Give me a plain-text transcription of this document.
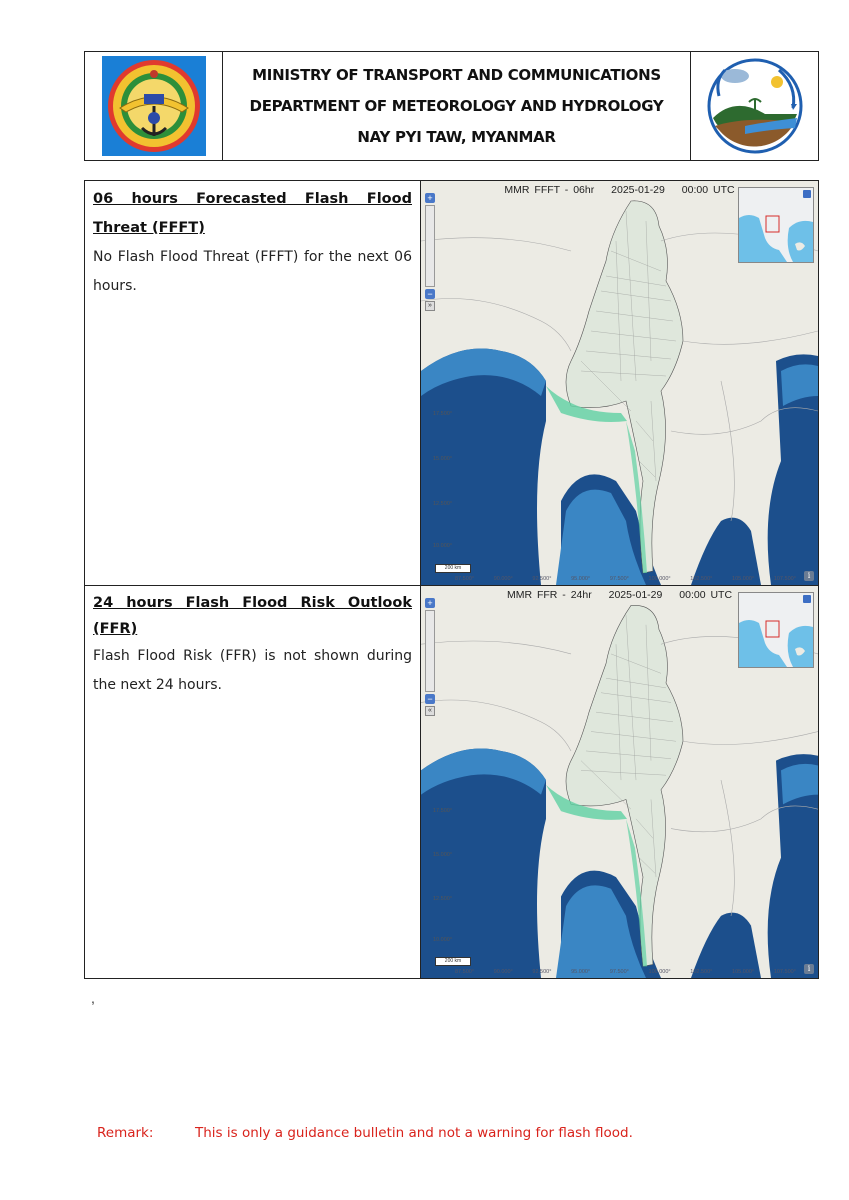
MINISTRY OF TRANSPORT AND COMMUNICATIONS
DEPARTMENT OF METEOROLOGY AND HYDROLOGY
NAY PYI TAW, MYANMAR

06 hours Forecasted Flash Flood Threat (FFFT)

No Flash Flood Threat (FFFT) for the next 06 hours.

MMR FFFT - 06hr 2025-01-29 00:00 UTC
+
−
»
17.500°
15.000°
12.500°
10.000°
87.500°	90.000°	92.500°	95.000°	97.500°	100.000°	102.500°	105.000°	107.500°
200 km
i

24 hours Flash Flood Risk Outlook (FFR)

Flash Flood Risk (FFR) is not shown during the next 24 hours.

MMR FFR - 24hr 2025-01-29 00:00 UTC
+
−
«
17.500°
15.000°
12.500°
10.000°
87.500°	90.000°	92.500°	95.000°	97.500°	100.000°	102.500°	105.000°	107.500°
200 km
i
,
Remark:	This is only a guidance bulletin and not a warning for flash flood.
